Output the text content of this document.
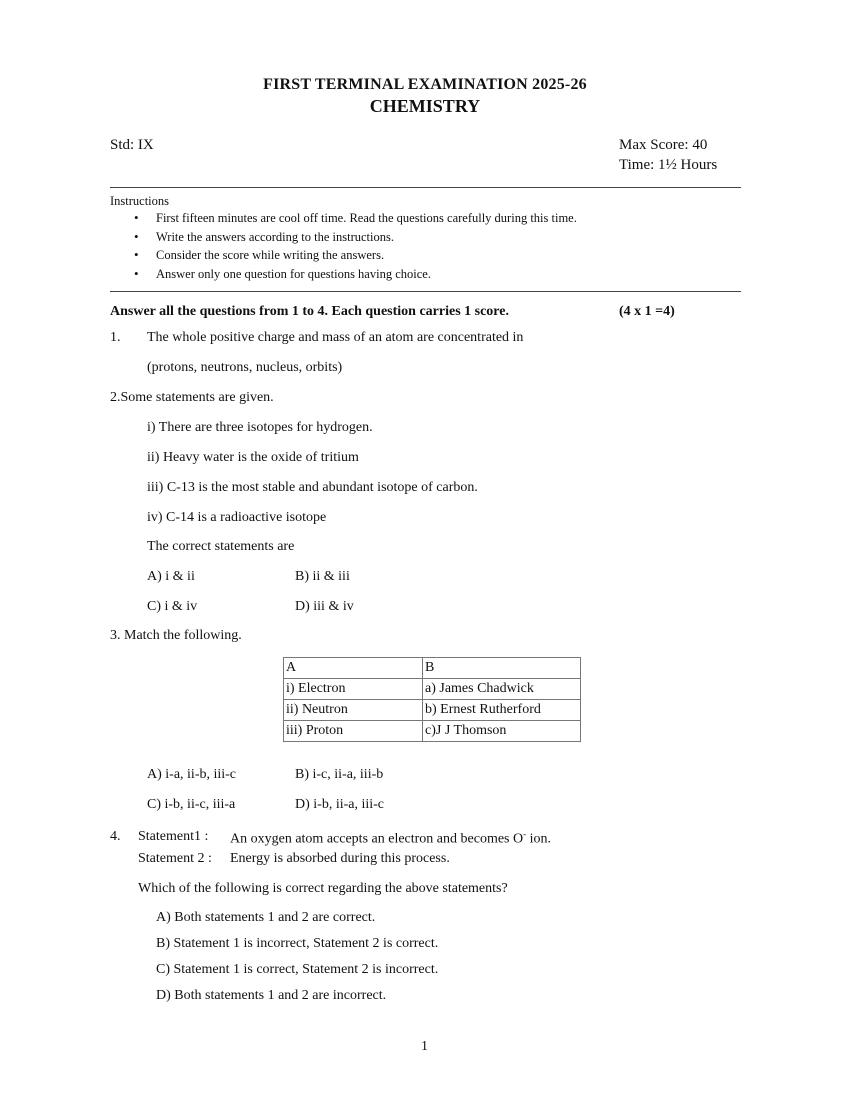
FIRST TERMINAL EXAMINATION 2025-26
CHEMISTRY
Std: IX	Max Score: 40
Time: 1½ Hours
Instructions
• First fifteen minutes are cool off time. Read the questions carefully during this time.
• Write the answers according to the instructions.
• Consider the score while writing the answers.
• Answer only one question for questions having choice.
Answer all the questions from 1 to 4. Each question carries 1 score.	(4 x 1 =4)
1. The whole positive charge and mass of an atom are concentrated in
(protons, neutrons, nucleus, orbits)
2.Some statements are given.
i) There are three isotopes for hydrogen.
ii) Heavy water is the oxide of tritium
iii) C-13 is the most stable and abundant isotope of carbon.
iv) C-14 is a radioactive isotope
The correct statements are
A) i & ii	B) ii & iii
C) i & iv	D) iii & iv
3. Match the following.
A	B
i) Electron	a) James Chadwick
ii) Neutron	b) Ernest Rutherford
iii) Proton	c)J J Thomson
A) i-a, ii-b, iii-c	B) i-c, ii-a, iii-b
C) i-b, ii-c, iii-a	D) i-b, ii-a, iii-c
4. Statement1 : An oxygen atom accepts an electron and becomes O- ion.
Statement 2 : Energy is absorbed during this process.
Which of the following is correct regarding the above statements?
A) Both statements 1 and 2 are correct.
B) Statement 1 is incorrect, Statement 2 is correct.
C) Statement 1 is correct, Statement 2 is incorrect.
D) Both statements 1 and 2 are incorrect.
1
